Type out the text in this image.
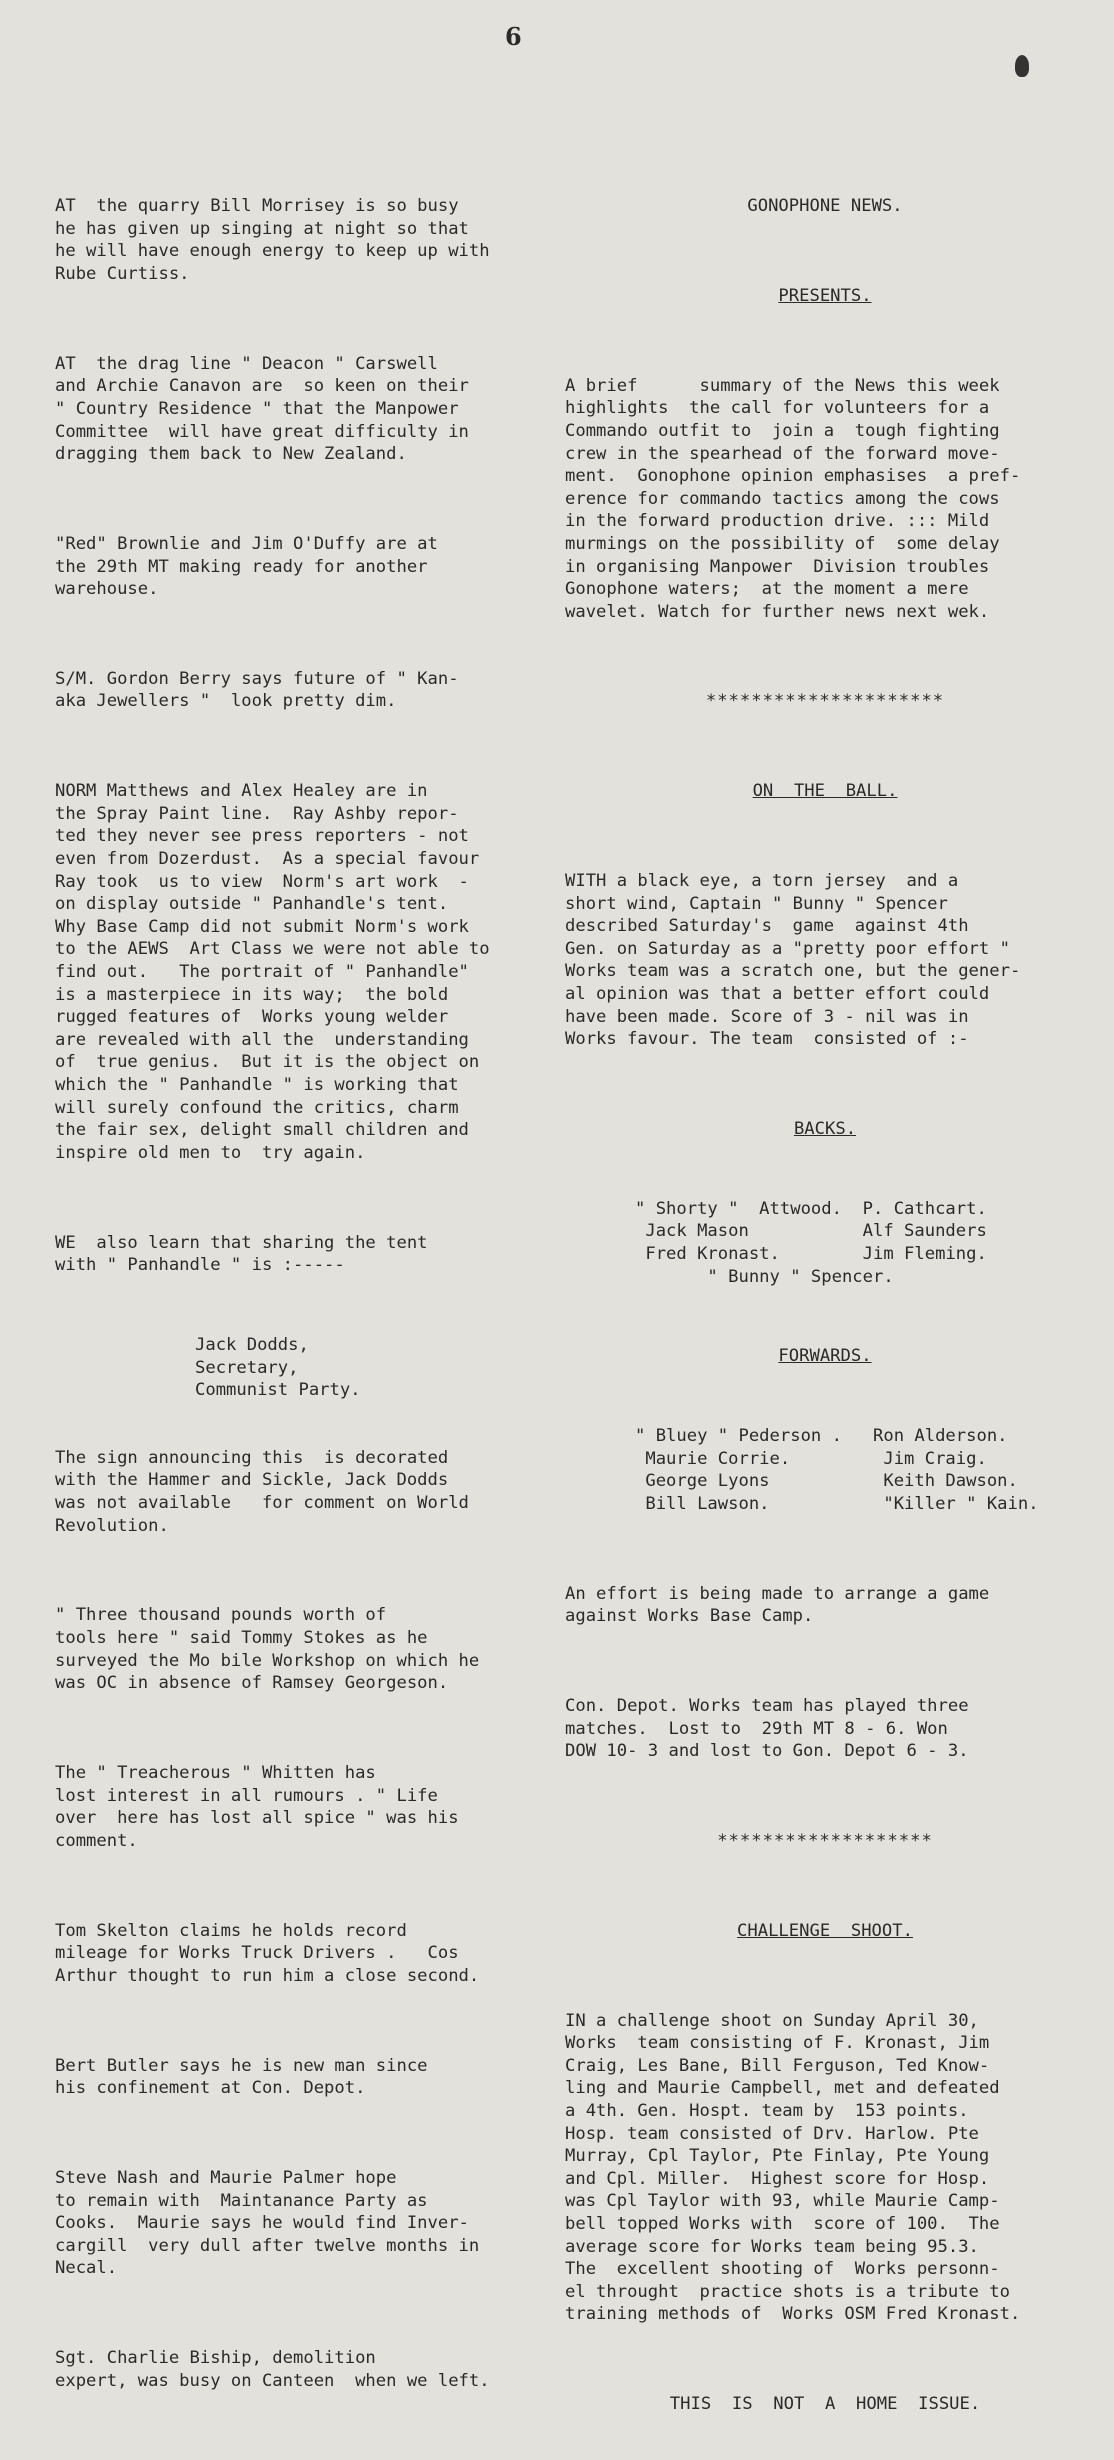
6

AT  the quarry Bill Morrisey is so busy
he has given up singing at night so that
he will have enough energy to keep up with
Rube Curtiss.

AT  the drag line " Deacon " Carswell
and Archie Canavon are  so keen on their
" Country Residence " that the Manpower
Committee  will have great difficulty in
dragging them back to New Zealand.

"Red" Brownlie and Jim O'Duffy are at
the 29th MT making ready for another
warehouse.

S/M. Gordon Berry says future of " Kan-
aka Jewellers "  look pretty dim.

NORM Matthews and Alex Healey are in
the Spray Paint line.  Ray Ashby repor-
ted they never see press reporters - not
even from Dozerdust.  As a special favour
Ray took  us to view  Norm's art work  -
on display outside " Panhandle's tent.
Why Base Camp did not submit Norm's work
to the AEWS  Art Class we were not able to
find out.   The portrait of " Panhandle"
is a masterpiece in its way;  the bold
rugged features of  Works young welder
are revealed with all the  understanding
of  true genius.  But it is the object on
which the " Panhandle " is working that
will surely confound the critics, charm
the fair sex, delight small children and
inspire old men to  try again.

WE  also learn that sharing the tent
with " Panhandle " is :-----

Jack Dodds,
Secretary,
Communist Party.

The sign announcing this  is decorated
with the Hammer and Sickle, Jack Dodds
was not available   for comment on World
Revolution.

" Three thousand pounds worth of
tools here " said Tommy Stokes as he
surveyed the Mo bile Workshop on which he
was OC in absence of Ramsey Georgeson.

The " Treacherous " Whitten has
lost interest in all rumours . " Life
over  here has lost all spice " was his
comment.

Tom Skelton claims he holds record
mileage for Works Truck Drivers .   Cos
Arthur thought to run him a close second.

Bert Butler says he is new man since
his confinement at Con. Depot.

Steve Nash and Maurie Palmer hope
to remain with  Maintanance Party as
Cooks.  Maurie says he would find Inver-
cargill  very dull after twelve months in
Necal.

Sgt. Charlie Biship, demolition
expert, was busy on Canteen  when we left.

GONOPHONE NEWS.

PRESENTS.

A brief      summary of the News this week
highlights  the call for volunteers for a
Commando outfit to  join a  tough fighting
crew in the spearhead of the forward move-
ment.  Gonophone opinion emphasises  a pref-
erence for commando tactics among the cows
in the forward production drive. ::: Mild
murmings on the possibility of  some delay
in organising Manpower  Division troubles
Gonophone waters;  at the moment a mere
wavelet. Watch for further news next wek.

*********************

ON  THE  BALL.

WITH a black eye, a torn jersey  and a
short wind, Captain " Bunny " Spencer
described Saturday's  game  against 4th
Gen. on Saturday as a "pretty poor effort "
Works team was a scratch one, but the gener-
al opinion was that a better effort could
have been made. Score of 3 - nil was in
Works favour. The team  consisted of :-

BACKS.

" Shorty "  Attwood.  P. Cathcart.
Jack Mason           Alf Saunders
Fred Kronast.        Jim Fleming.
" Bunny " Spencer.

FORWARDS.

" Bluey " Pederson .   Ron Alderson.
Maurie Corrie.         Jim Craig.
George Lyons           Keith Dawson.
Bill Lawson.           "Killer " Kain.

An effort is being made to arrange a game
against Works Base Camp.

Con. Depot. Works team has played three
matches.  Lost to  29th MT 8 - 6. Won
DOW 10- 3 and lost to Gon. Depot 6 - 3.

*******************

CHALLENGE  SHOOT.

IN a challenge shoot on Sunday April 30,
Works  team consisting of F. Kronast, Jim
Craig, Les Bane, Bill Ferguson, Ted Know-
ling and Maurie Campbell, met and defeated
a 4th. Gen. Hospt. team by  153 points.
Hosp. team consisted of Drv. Harlow. Pte
Murray, Cpl Taylor, Pte Finlay, Pte Young
and Cpl. Miller.  Highest score for Hosp.
was Cpl Taylor with 93, while Maurie Camp-
bell topped Works with  score of 100.  The
average score for Works team being 95.3.
The  excellent shooting of  Works personn-
el throught  practice shots is a tribute to
training methods of  Works OSM Fred Kronast.

THIS  IS  NOT  A  HOME  ISSUE.
